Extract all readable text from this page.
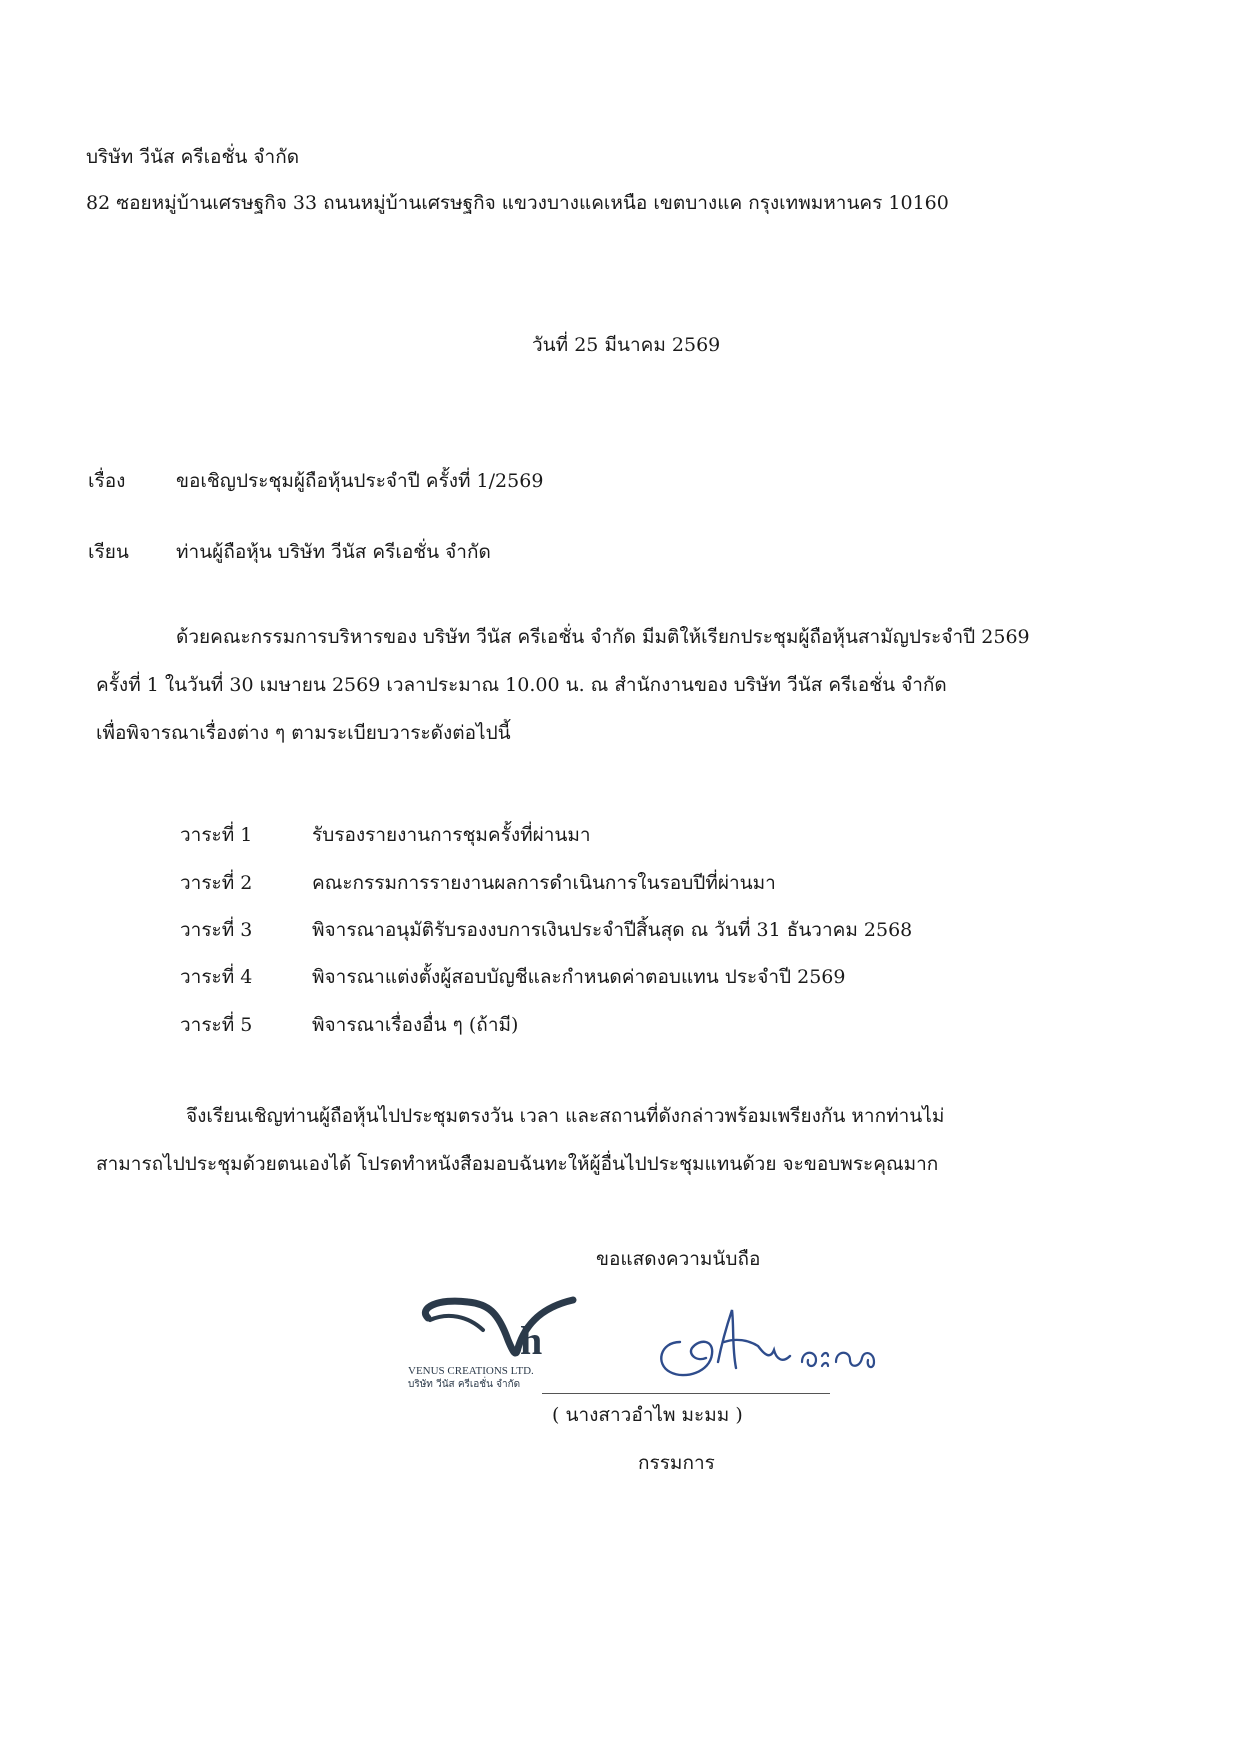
บริษัท วีนัส ครีเอชั่น จำกัด
82 ซอยหมู่บ้านเศรษฐกิจ 33 ถนนหมู่บ้านเศรษฐกิจ แขวงบางแคเหนือ เขตบางแค กรุงเทพมหานคร 10160
วันที่ 25 มีนาคม 2569
เรื่อง	ขอเชิญประชุมผู้ถือหุ้นประจำปี ครั้งที่ 1/2569
เรียน ท่านผู้ถือหุ้น บริษัท วีนัส ครีเอชั่น จำกัด
ด้วยคณะกรรมการบริหารของ บริษัท วีนัส ครีเอชั่น จำกัด มีมติให้เรียกประชุมผู้ถือหุ้นสามัญประจำปี 2569
ครั้งที่ 1 ในวันที่ 30 เมษายน 2569 เวลาประมาณ 10.00 น. ณ สำนักงานของ บริษัท วีนัส ครีเอชั่น จำกัด
เพื่อพิจารณาเรื่องต่าง ๆ ตามระเบียบวาระดังต่อไปนี้
วาระที่ 1	รับรองรายงานการชุมครั้งที่ผ่านมา
วาระที่ 2	คณะกรรมการรายงานผลการดำเนินการในรอบปีที่ผ่านมา
วาระที่ 3	พิจารณาอนุมัติรับรองงบการเงินประจำปีสิ้นสุด ณ วันที่ 31 ธันวาคม 2568
วาระที่ 4	พิจารณาแต่งตั้งผู้สอบบัญชีและกำหนดค่าตอบแทน ประจำปี 2569
วาระที่ 5	พิจารณาเรื่องอื่น ๆ (ถ้ามี)
จึงเรียนเชิญท่านผู้ถือหุ้นไปประชุมตรงวัน เวลา และสถานที่ดังกล่าวพร้อมเพรียงกัน หากท่านไม่
สามารถไปประชุมด้วยตนเองได้ โปรดทำหนังสือมอบฉันทะให้ผู้อื่นไปประชุมแทนด้วย จะขอบพระคุณมาก
ขอแสดงความนับถือ
h
VENUS CREATIONS LTD.
บริษัท วีนัส ครีเอชั่น จำกัด
( นางสาวอำไพ มะมม )
กรรมการ
